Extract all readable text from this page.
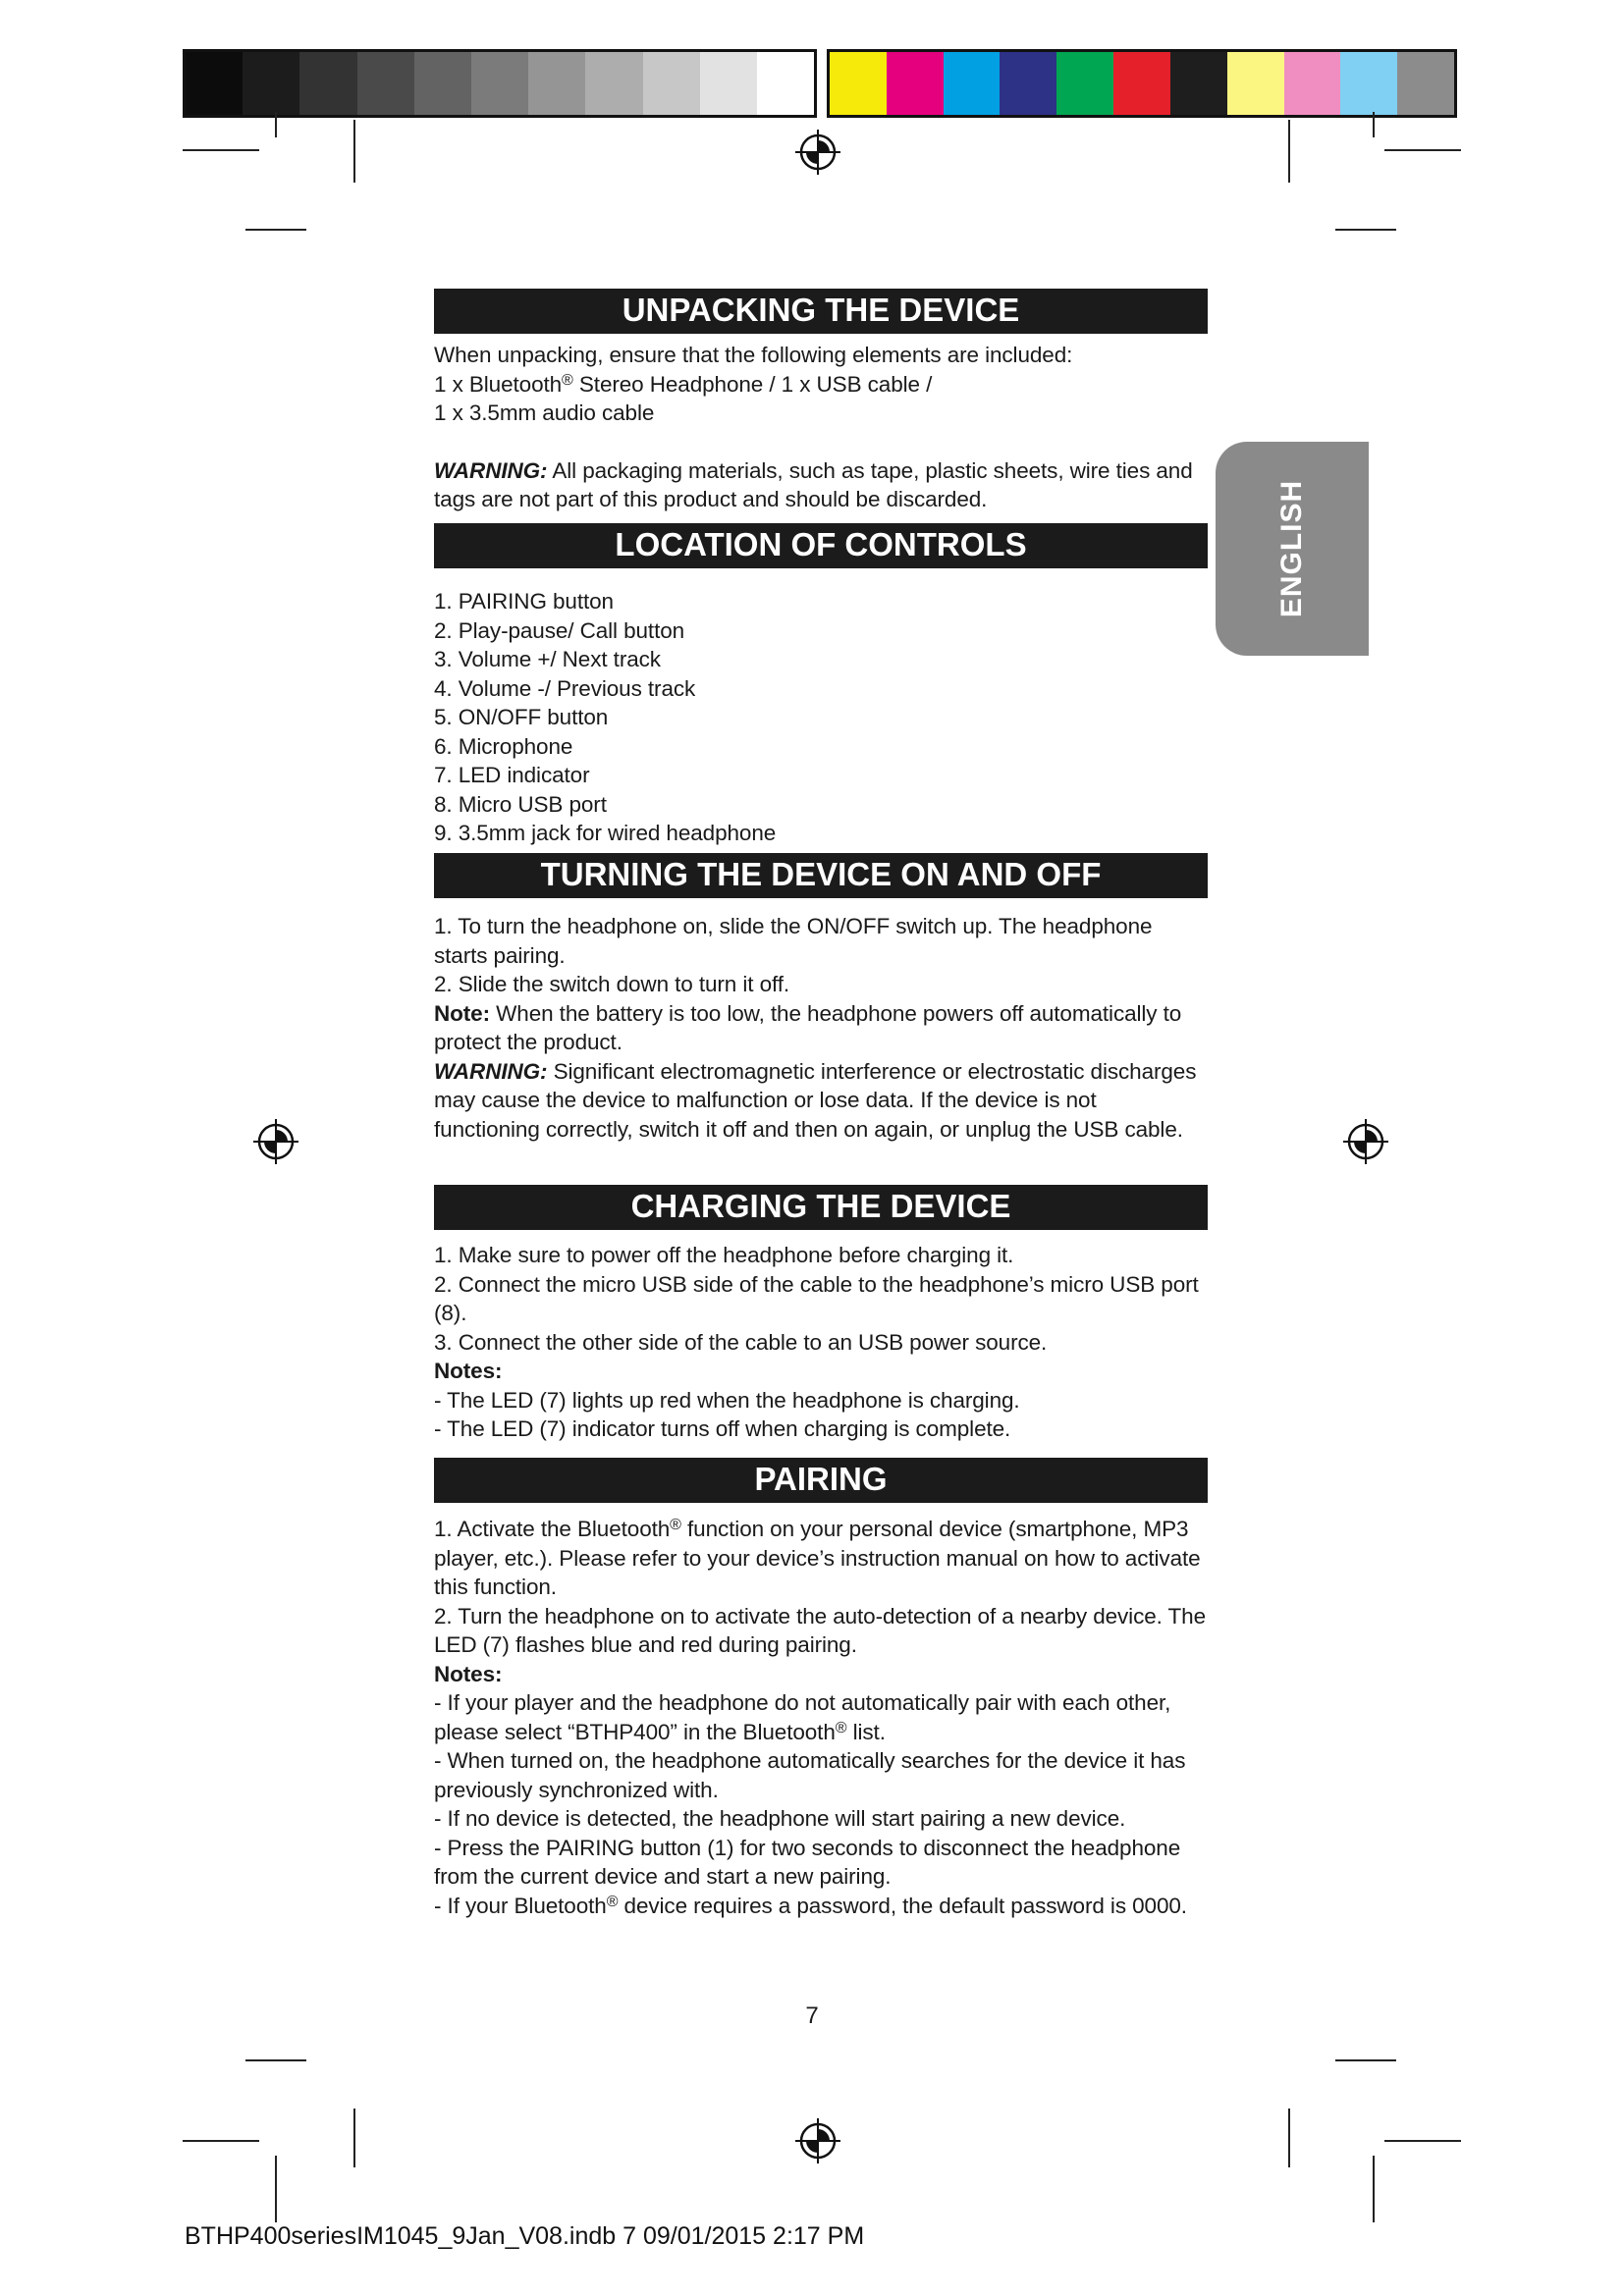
ENGLISH
UNPACKING THE DEVICE

When unpacking, ensure that the following elements are included:

1 x Bluetooth® Stereo Headphone / 1 x USB cable /

1 x 3.5mm audio cable

WARNING: All packaging materials, such as tape, plastic sheets, wire ties and tags are not part of this product and should be discarded.

LOCATION OF CONTROLS

1. PAIRING button

2. Play-pause/ Call button

3. Volume +/ Next track

4. Volume -/ Previous track

5. ON/OFF button

6. Microphone

7. LED indicator

8. Micro USB port

9. 3.5mm jack for wired headphone

TURNING THE DEVICE ON AND OFF

1. To turn the headphone on, slide the ON/OFF switch up. The headphone starts pairing.

2. Slide the switch down to turn it off.

Note: When the battery is too low, the headphone powers off automatically to protect the product.

WARNING: Significant electromagnetic interference or electrostatic discharges may cause the device to malfunction or lose data. If the device is not functioning correctly, switch it off and then on again, or unplug the USB cable.

CHARGING THE DEVICE

1. Make sure to power off the headphone before charging it.

2. Connect the micro USB side of the cable to the headphone’s micro USB port (8).

3. Connect the other side of the cable to an USB power source.

Notes:

- The LED (7) lights up red when the headphone is charging.

- The LED (7) indicator turns off when charging is complete.

PAIRING

1. Activate the Bluetooth® function on your personal device (smartphone, MP3 player, etc.). Please refer to your device’s instruction manual on how to activate this function.

2. Turn the headphone on to activate the auto-detection of a nearby device. The LED (7) flashes blue and red during pairing.

Notes:

- If your player and the headphone do not automatically pair with each other, please select “BTHP400” in the Bluetooth® list.

- When turned on, the headphone automatically searches for the device it has previously synchronized with.

- If no device is detected, the headphone will start pairing a new device.

- Press the PAIRING button (1) for two seconds to disconnect the headphone from the current device and start a new pairing.

- If your Bluetooth® device requires a password, the default password is 0000.

7
BTHP400seriesIM1045_9Jan_V08.indb 7 09/01/2015 2:17 PM
